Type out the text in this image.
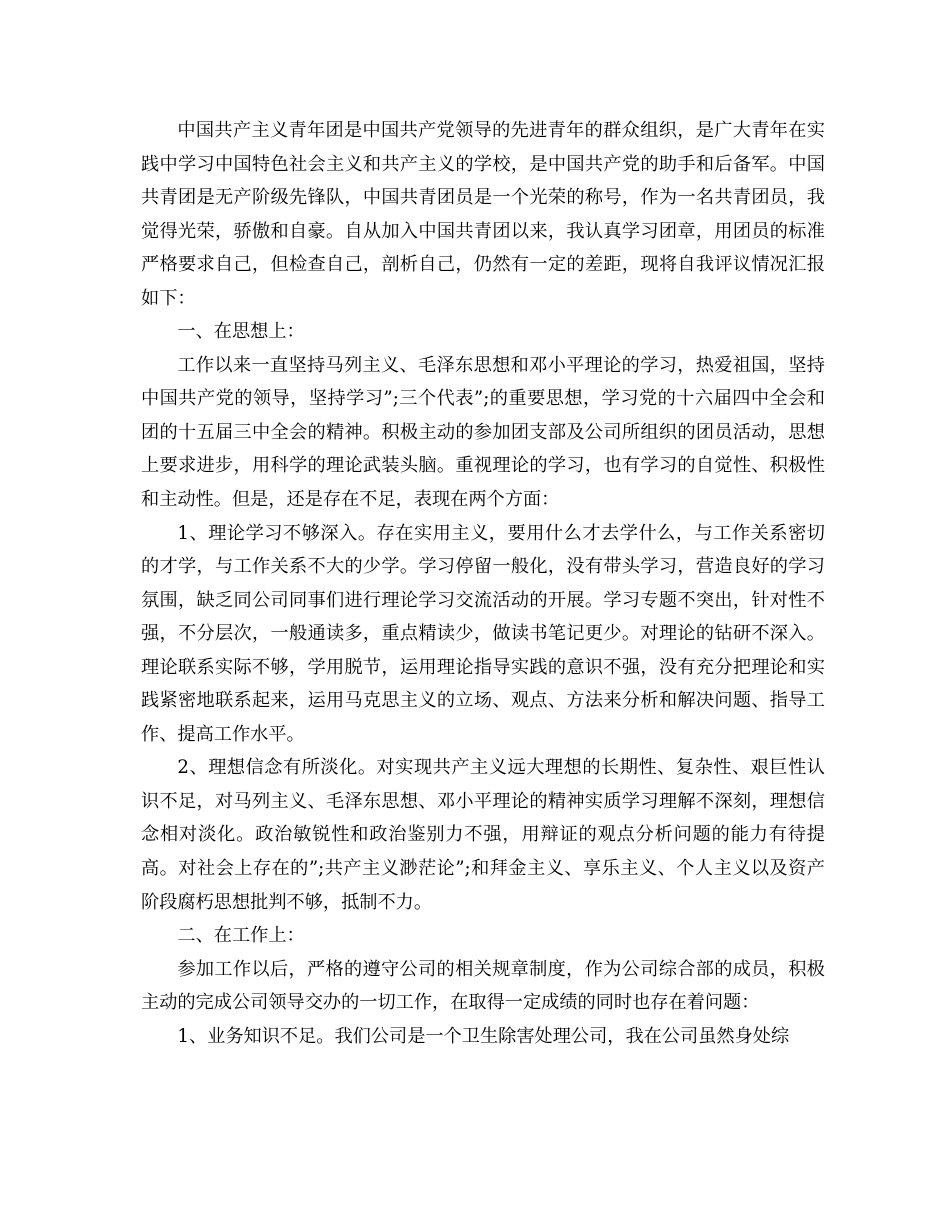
中国共产主义青年团是中国共产党领导的先进青年的群众组织，是广大青年在实践中学习中国特色社会主义和共产主义的学校，是中国共产党的助手和后备军。中国共青团是无产阶级先锋队，中国共青团员是一个光荣的称号，作为一名共青团员，我觉得光荣，骄傲和自豪。自从加入中国共青团以来，我认真学习团章，用团员的标准严格要求自己，但检查自己，剖析自己，仍然有一定的差距，现将自我评议情况汇报如下：

一、在思想上：

工作以来一直坚持马列主义、毛泽东思想和邓小平理论的学习，热爱祖国，坚持中国共产党的领导，坚持学习”;三个代表”;的重要思想，学习党的十六届四中全会和团的十五届三中全会的精神。积极主动的参加团支部及公司所组织的团员活动，思想上要求进步，用科学的理论武装头脑。重视理论的学习，也有学习的自觉性、积极性和主动性。但是，还是存在不足，表现在两个方面：

1、理论学习不够深入。存在实用主义，要用什么才去学什么，与工作关系密切的才学，与工作关系不大的少学。学习停留一般化，没有带头学习，营造良好的学习氛围，缺乏同公司同事们进行理论学习交流活动的开展。学习专题不突出，针对性不强，不分层次，一般通读多，重点精读少，做读书笔记更少。对理论的钻研不深入。理论联系实际不够，学用脱节，运用理论指导实践的意识不强，没有充分把理论和实践紧密地联系起来，运用马克思主义的立场、观点、方法来分析和解决问题、指导工作、提高工作水平。

2、理想信念有所淡化。对实现共产主义远大理想的长期性、复杂性、艰巨性认识不足，对马列主义、毛泽东思想、邓小平理论的精神实质学习理解不深刻，理想信念相对淡化。政治敏锐性和政治鉴别力不强，用辩证的观点分析问题的能力有待提高。对社会上存在的”;共产主义渺茫论”;和拜金主义、享乐主义、个人主义以及资产阶段腐朽思想批判不够，抵制不力。

二、在工作上：

参加工作以后，严格的遵守公司的相关规章制度，作为公司综合部的成员，积极主动的完成公司领导交办的一切工作，在取得一定成绩的同时也存在着问题：

1、业务知识不足。我们公司是一个卫生除害处理公司，我在公司虽然身处综
